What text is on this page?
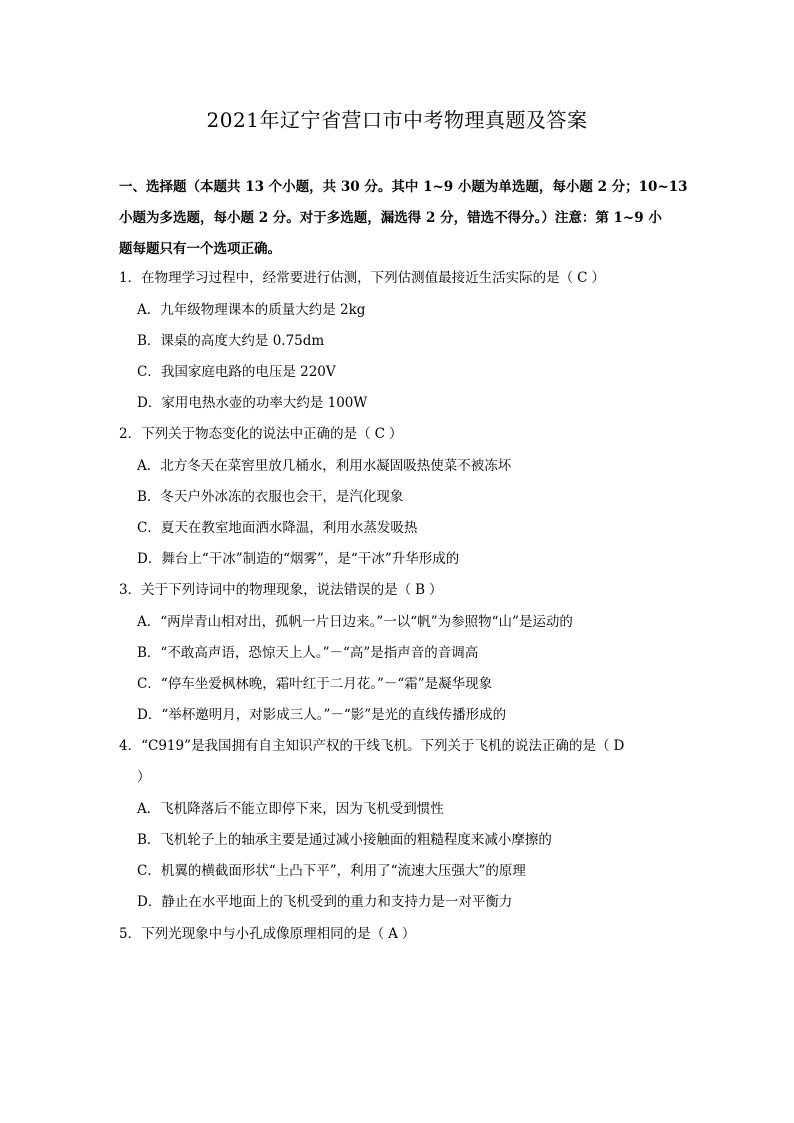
2021年辽宁省营口市中考物理真题及答案
一、选择题（本题共 13 个小题，共 30 分。其中 1~9 小题为单选题，每小题 2 分；10~13
小题为多选题，每小题 2 分。对于多选题，漏选得 2 分，错选不得分。）注意：第 1~9 小
题每题只有一个选项正确。
1．在物理学习过程中，经常要进行估测，下列估测值最接近生活实际的是（ C ）
A．九年级物理课本的质量大约是 2kg
B．课桌的高度大约是 0.75dm
C．我国家庭电路的电压是 220V
D．家用电热水壶的功率大约是 100W
2．下列关于物态变化的说法中正确的是（ C ）
A．北方冬天在菜窖里放几桶水，利用水凝固吸热使菜不被冻坏
B．冬天户外冰冻的衣服也会干，是汽化现象
C．夏天在教室地面洒水降温，利用水蒸发吸热
D．舞台上“干冰”制造的“烟雾”，是“干冰”升华形成的
3．关于下列诗词中的物理现象，说法错误的是（ B ）
A．“两岸青山相对出，孤帆一片日边来。”一以“帆”为参照物“山”是运动的
B．“不敢高声语，恐惊天上人。”－“高”是指声音的音调高
C．“停车坐爱枫林晚，霜叶红于二月花。”－“霜”是凝华现象
D．“举杯邀明月，对影成三人。”－“影”是光的直线传播形成的
4．“C919”是我国拥有自主知识产权的干线飞机。下列关于飞机的说法正确的是（ D
）
A．飞机降落后不能立即停下来，因为飞机受到惯性
B．飞机轮子上的轴承主要是通过减小接触面的粗糙程度来减小摩擦的
C．机翼的横截面形状“上凸下平”，利用了“流速大压强大”的原理
D．静止在水平地面上的飞机受到的重力和支持力是一对平衡力
5．下列光现象中与小孔成像原理相同的是（ A ）
